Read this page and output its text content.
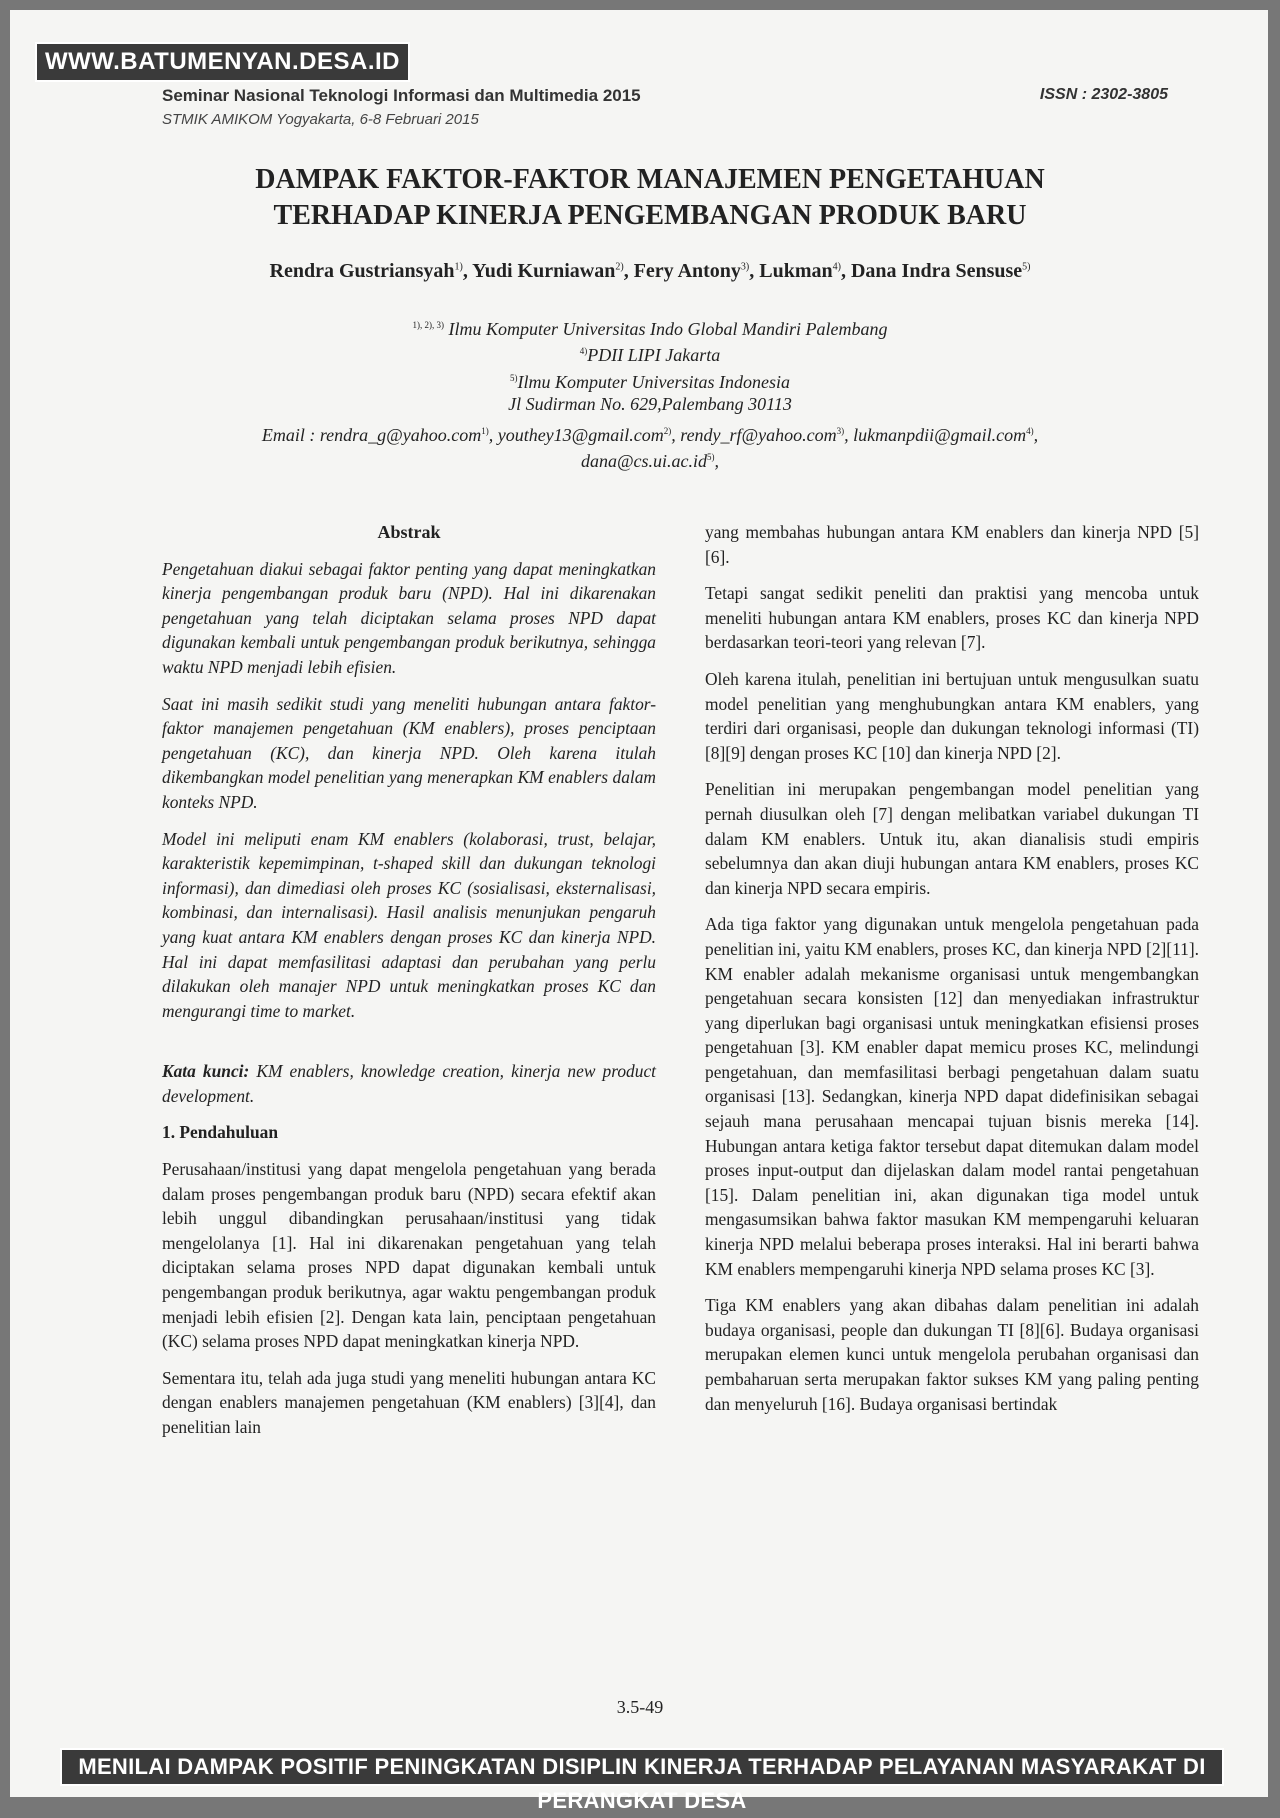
WWW.BATUMENYAN.DESA.ID
Seminar Nasional Teknologi Informasi dan Multimedia 2015
STMIK AMIKOM Yogyakarta, 6-8 Februari 2015
ISSN : 2302-3805
DAMPAK FAKTOR-FAKTOR MANAJEMEN PENGETAHUAN
TERHADAP KINERJA PENGEMBANGAN PRODUK BARU
Rendra Gustriansyah$^{1)}$, Yudi Kurniawan$^{2)}$, Fery Antony$^{3)}$, Lukman$^{4)}$, Dana Indra Sensuse$^{5)}$
$^{1), 2), 3)}$ Ilmu Komputer Universitas Indo Global Mandiri Palembang
$^{4)}$PDII LIPI Jakarta
$^{5)}$Ilmu Komputer Universitas Indonesia
Jl Sudirman No. 629,Palembang 30113
Email : rendra_g@yahoo.com$^{1)}$, youthey13@gmail.com$^{2)}$, rendy_rf@yahoo.com$^{3)}$, lukmanpdii@gmail.com$^{4)}$,
$dana@cs.ui.ac.id^{5)}$,

Abstrak

Pengetahuan diakui sebagai faktor penting yang dapat meningkatkan kinerja pengembangan produk baru (NPD). Hal ini dikarenakan pengetahuan yang telah diciptakan selama proses NPD dapat digunakan kembali untuk pengembangan produk berikutnya, sehingga waktu NPD menjadi lebih efisien.

Saat ini masih sedikit studi yang meneliti hubungan antara faktor-faktor manajemen pengetahuan (KM enablers), proses penciptaan pengetahuan (KC), dan kinerja NPD. Oleh karena itulah dikembangkan model penelitian yang menerapkan KM enablers dalam konteks NPD.

Model ini meliputi enam KM enablers (kolaborasi, trust, belajar, karakteristik kepemimpinan, t-shaped skill dan dukungan teknologi informasi), dan dimediasi oleh proses KC (sosialisasi, eksternalisasi, kombinasi, dan internalisasi). Hasil analisis menunjukan pengaruh yang kuat antara KM enablers dengan proses KC dan kinerja NPD. Hal ini dapat memfasilitasi adaptasi dan perubahan yang perlu dilakukan oleh manajer NPD untuk meningkatkan proses KC dan mengurangi time to market.

Kata kunci: KM enablers, knowledge creation, kinerja new product development.

1. Pendahuluan

Perusahaan/institusi yang dapat mengelola pengetahuan yang berada dalam proses pengembangan produk baru (NPD) secara efektif akan lebih unggul dibandingkan perusahaan/institusi yang tidak mengelolanya [1]. Hal ini dikarenakan pengetahuan yang telah diciptakan selama proses NPD dapat digunakan kembali untuk pengembangan produk berikutnya, agar waktu pengembangan produk menjadi lebih efisien [2]. Dengan kata lain, penciptaan pengetahuan (KC) selama proses NPD dapat meningkatkan kinerja NPD.

Sementara itu, telah ada juga studi yang meneliti hubungan antara KC dengan enablers manajemen pengetahuan (KM enablers) [3][4], dan penelitian lain

yang membahas hubungan antara KM enablers dan kinerja NPD [5][6].

Tetapi sangat sedikit peneliti dan praktisi yang mencoba untuk meneliti hubungan antara KM enablers, proses KC dan kinerja NPD berdasarkan teori-teori yang relevan [7].

Oleh karena itulah, penelitian ini bertujuan untuk mengusulkan suatu model penelitian yang menghubungkan antara KM enablers, yang terdiri dari organisasi, people dan dukungan teknologi informasi (TI) [8][9] dengan proses KC [10] dan kinerja NPD [2].

Penelitian ini merupakan pengembangan model penelitian yang pernah diusulkan oleh [7] dengan melibatkan variabel dukungan TI dalam KM enablers. Untuk itu, akan dianalisis studi empiris sebelumnya dan akan diuji hubungan antara KM enablers, proses KC dan kinerja NPD secara empiris.

Ada tiga faktor yang digunakan untuk mengelola pengetahuan pada penelitian ini, yaitu KM enablers, proses KC, dan kinerja NPD [2][11]. KM enabler adalah mekanisme organisasi untuk mengembangkan pengetahuan secara konsisten [12] dan menyediakan infrastruktur yang diperlukan bagi organisasi untuk meningkatkan efisiensi proses pengetahuan [3]. KM enabler dapat memicu proses KC, melindungi pengetahuan, dan memfasilitasi berbagi pengetahuan dalam suatu organisasi [13]. Sedangkan, kinerja NPD dapat didefinisikan sebagai sejauh mana perusahaan mencapai tujuan bisnis mereka [14]. Hubungan antara ketiga faktor tersebut dapat ditemukan dalam model proses input-output dan dijelaskan dalam model rantai pengetahuan [15]. Dalam penelitian ini, akan digunakan tiga model untuk mengasumsikan bahwa faktor masukan KM mempengaruhi keluaran kinerja NPD melalui beberapa proses interaksi. Hal ini berarti bahwa KM enablers mempengaruhi kinerja NPD selama proses KC [3].

Tiga KM enablers yang akan dibahas dalam penelitian ini adalah budaya organisasi, people dan dukungan TI [8][6]. Budaya organisasi merupakan elemen kunci untuk mengelola perubahan organisasi dan pembaharuan serta merupakan faktor sukses KM yang paling penting dan menyeluruh [16]. Budaya organisasi bertindak

3.5-49
MENILAI DAMPAK POSITIF PENINGKATAN DISIPLIN KINERJA TERHADAP PELAYANAN MASYARAKAT DI PERANGKAT DESA
